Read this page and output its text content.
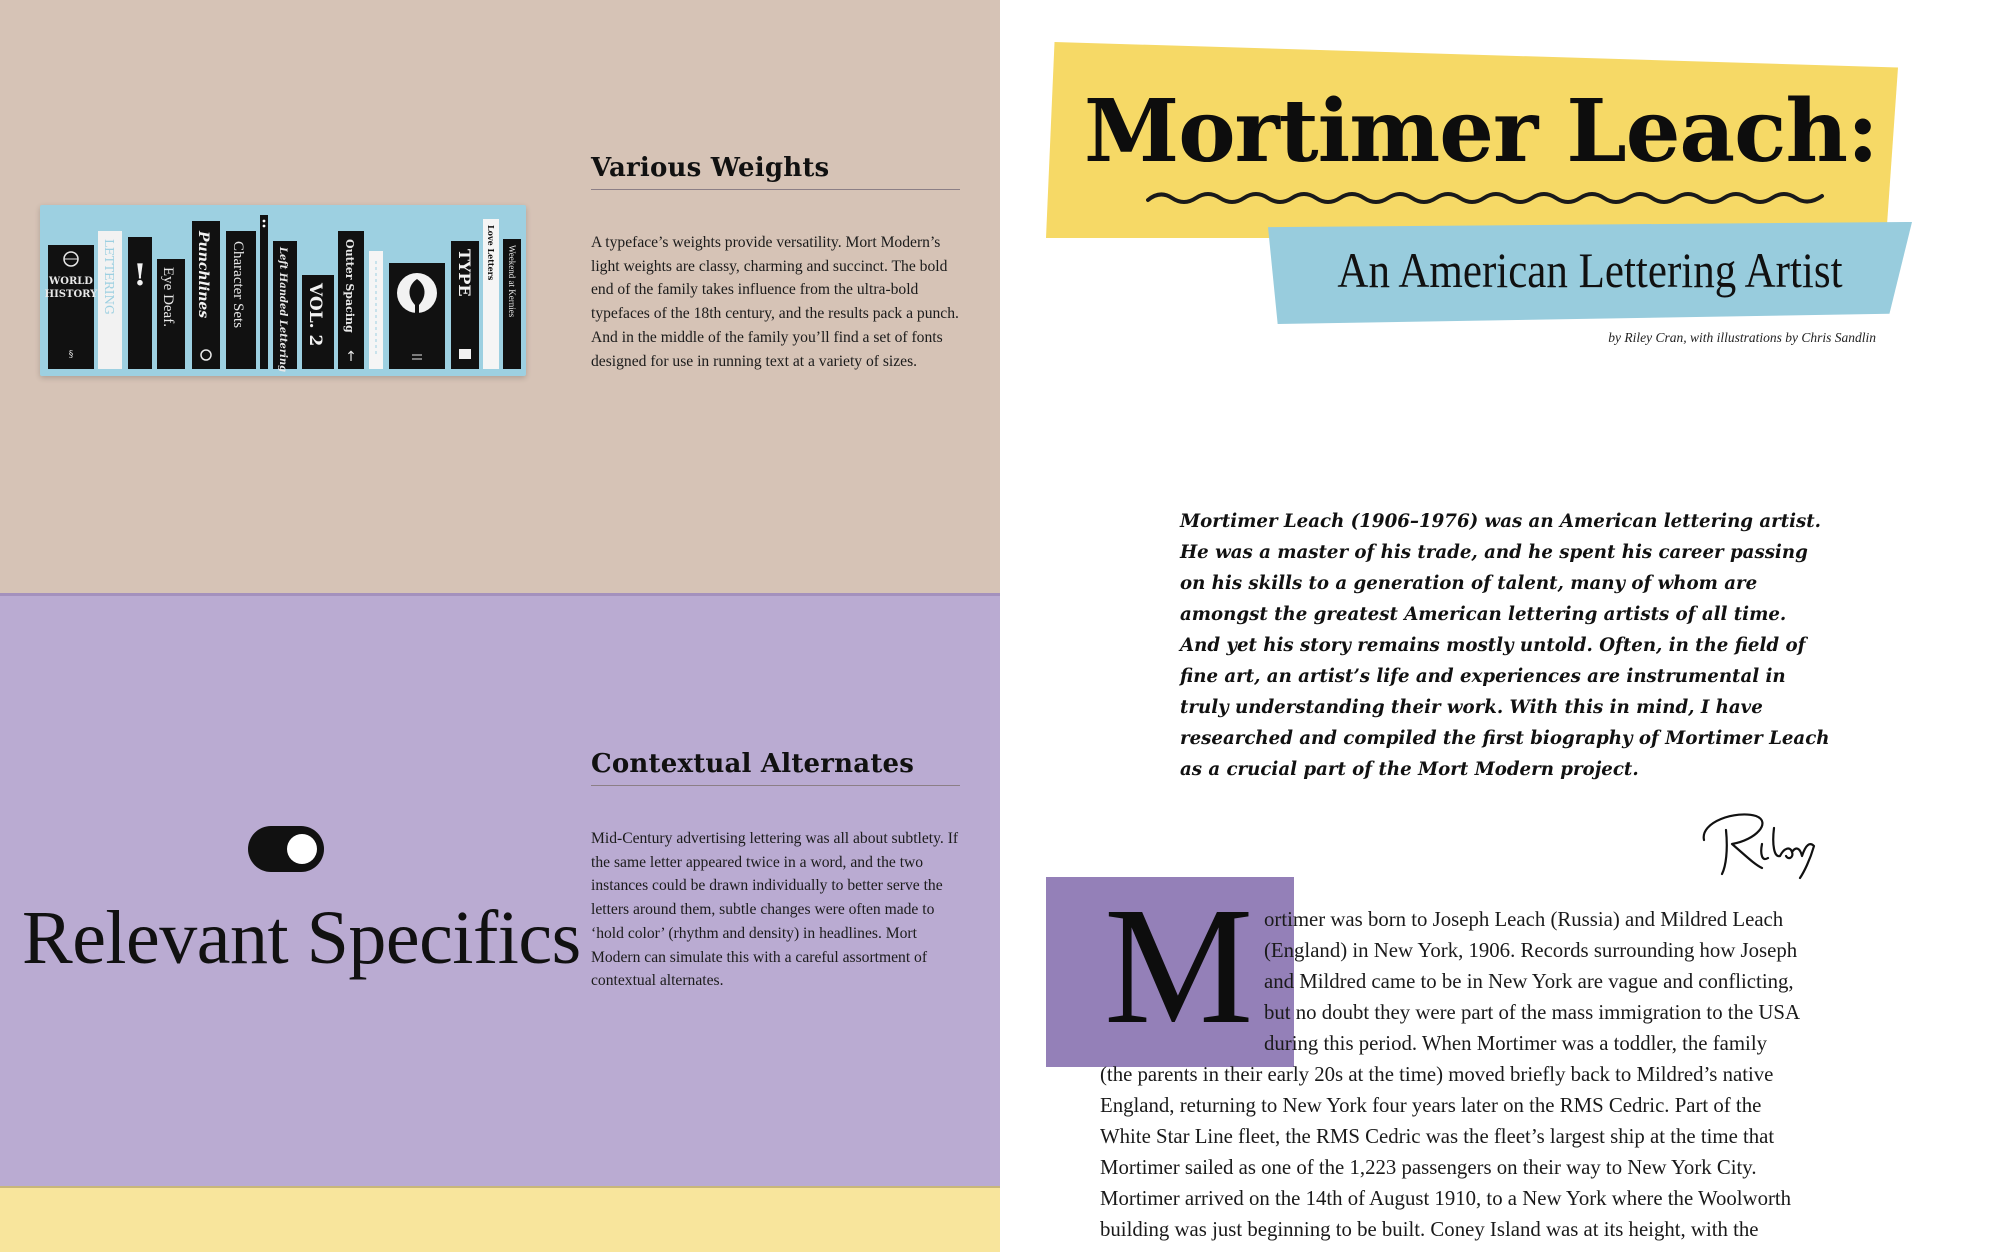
WORLD
HISTORY
§
LETTERING ! Eye Deaf. Punchlines Character Sets	Left Handed Lettering VOL. 2 Outter Spacing
↑
TYPE Love Letters Weekend at Kernies
Various Weights
A typeface’s weights provide versatility. Mort Modern’s light weights are classy, charming and succinct. The bold end of the family takes influence from the ultra-bold typefaces of the 18th century, and the results pack a punch. And in the middle of the family you’ll find a set of fonts designed for use in running text at a variety of sizes.
Relevant Specifics
Contextual Alternates
Mid-Century advertising lettering was all about subtlety. If the same letter appeared twice in a word, and the two instances could be drawn individually to better serve the letters around them, subtle changes were often made to ‘hold color’ (rhythm and density) in headlines. Mort Modern can simulate this with a careful assortment of contextual alternates.
Mortimer Leach:
An American Lettering Artist
by Riley Cran, with illustrations by Chris Sandlin
Mortimer Leach (1906–1976) was an American lettering artist. He was a master of his trade, and he spent his career passing on his skills to a generation of talent, many of whom are amongst the greatest American lettering artists of all time. And yet his story remains mostly untold. Often, in the field of fine art, an artist’s life and experiences are instrumental in truly understanding their work. With this in mind, I have researched and compiled the first biography of Mortimer Leach as a crucial part of the Mort Modern project.
M ortimer was born to Joseph Leach (Russia) and Mildred Leach
(England) in New York, 1906. Records surrounding how Joseph
and Mildred came to be in New York are vague and conflicting,
but no doubt they were part of the mass immigration to the USA
during this period. When Mortimer was a toddler, the family
(the parents in their early 20s at the time) moved briefly back to Mildred’s native
England, returning to New York four years later on the RMS Cedric. Part of the
White Star Line fleet, the RMS Cedric was the fleet’s largest ship at the time that
Mortimer sailed as one of the 1,223 passengers on their way to New York City.
Mortimer arrived on the 14th of August 1910, to a New York where the Woolworth
building was just beginning to be built. Coney Island was at its height, with the
